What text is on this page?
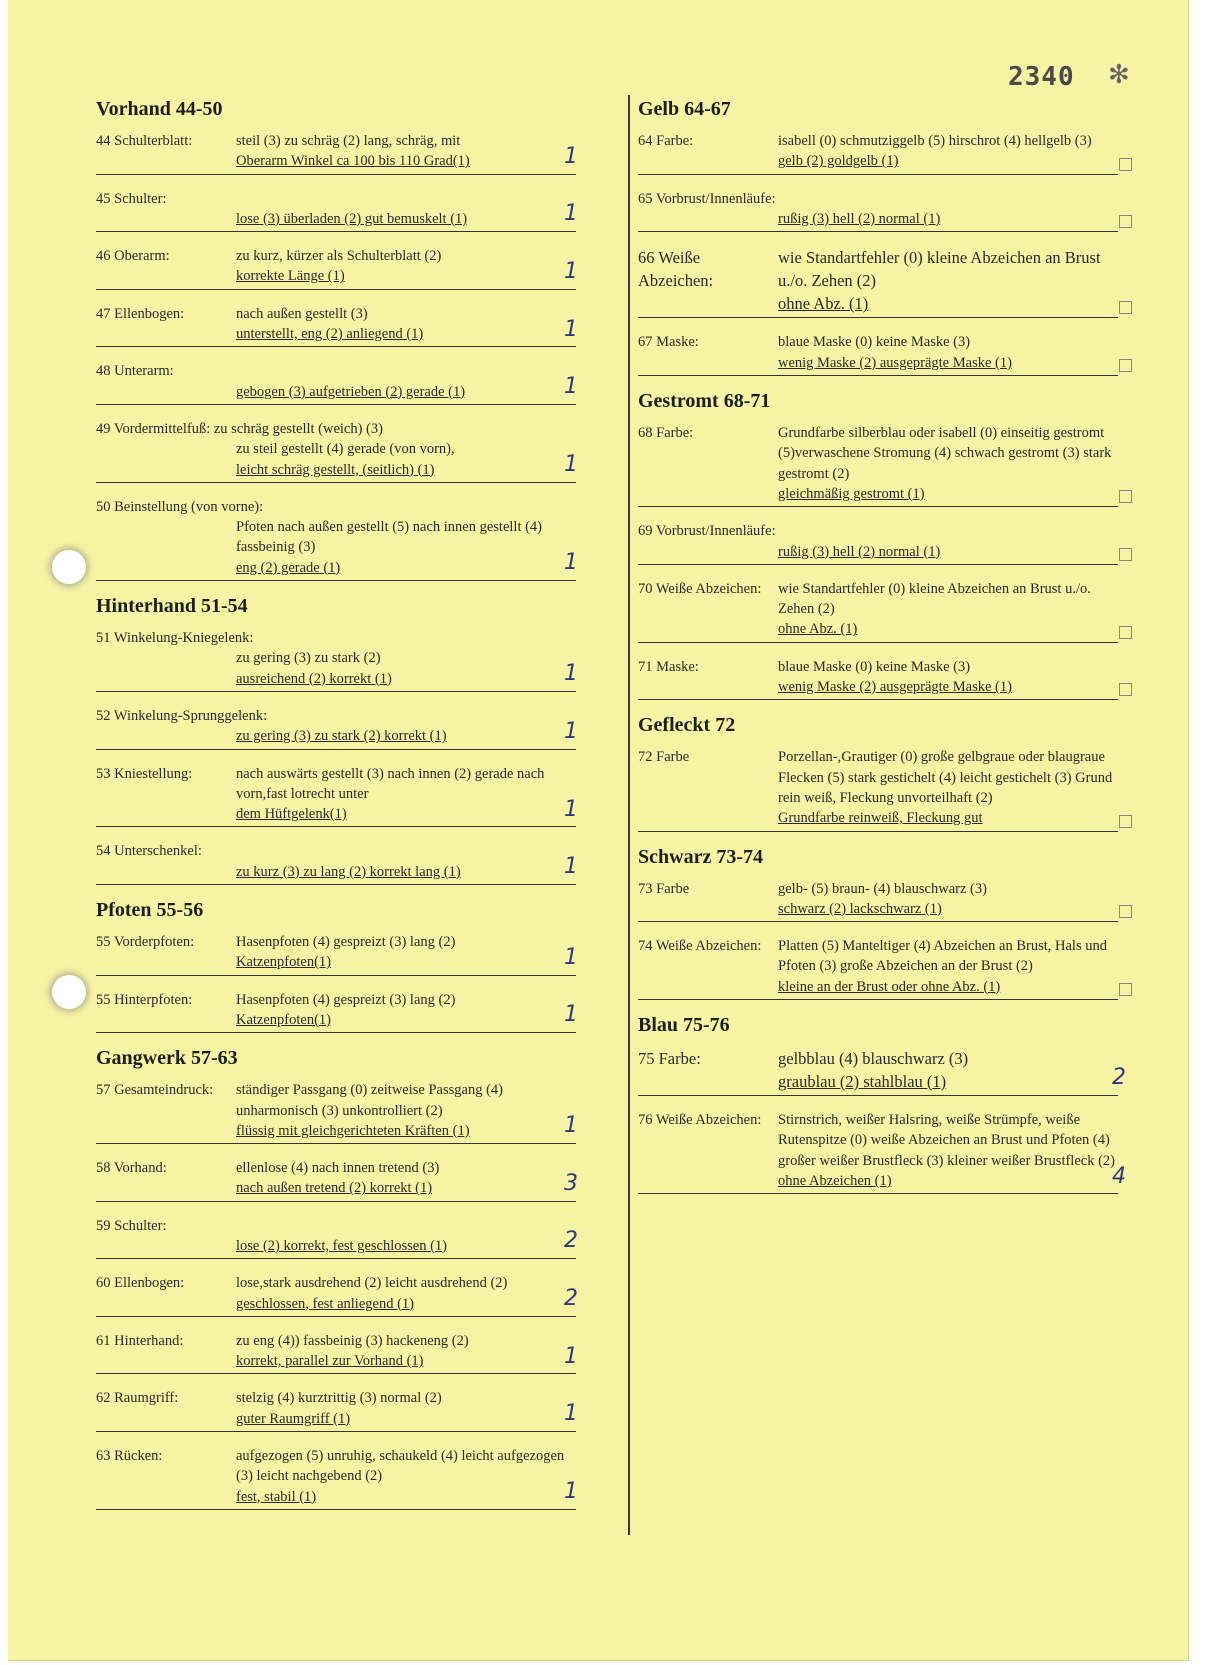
2340 ✻
Vorhand 44-50
44 Schulterblatt:	steil (3) zu schräg (2) lang, schräg, mit
Oberarm Winkel ca 100 bis 110 Grad(1)	1
45 Schulter:
lose (3) überladen (2) gut bemuskelt (1)	1
46 Oberarm:	zu kurz, kürzer als Schulterblatt (2)
korrekte Länge (1)	1
47 Ellenbogen:	nach außen gestellt (3)
unterstellt, eng (2) anliegend (1)	1
48 Unterarm:
gebogen (3) aufgetrieben (2) gerade (1)	1
49 Vordermittelfuß: zu schräg gestellt (weich) (3)
zu steil gestellt (4) gerade (von vorn),
leicht schräg gestellt, (seitlich) (1)	1
50 Beinstellung (von vorne):
Pfoten nach außen gestellt (5) nach innen gestellt (4) fassbeinig (3)
eng (2) gerade (1)	1
Hinterhand 51-54
51 Winkelung-Kniegelenk:
zu gering (3) zu stark (2)
ausreichend (2) korrekt (1)	1
52 Winkelung-Sprunggelenk:
zu gering (3) zu stark (2) korrekt (1)	1
53 Kniestellung:	nach auswärts gestellt (3) nach innen (2) gerade nach vorn,fast lotrecht unter
dem Hüftgelenk(1)	1
54 Unterschenkel:
zu kurz (3) zu lang (2) korrekt lang (1)	1
Pfoten 55-56
55 Vorderpfoten:	Hasenpfoten (4) gespreizt (3) lang (2)
Katzenpfoten(1)	1
55 Hinterpfoten:	Hasenpfoten (4) gespreizt (3) lang (2)
Katzenpfoten(1)	1
Gangwerk 57-63
57 Gesamteindruck: ständiger Passgang (0) zeitweise Passgang (4) unharmonisch (3) unkontrolliert (2)
flüssig mit gleichgerichteten Kräften (1)	1
58 Vorhand:	ellenlose (4) nach innen tretend (3)
nach außen tretend (2) korrekt (1)	3
59 Schulter:
lose (2) korrekt, fest geschlossen (1)	2
60 Ellenbogen:	lose,stark ausdrehend (2) leicht ausdrehend (2)
geschlossen, fest anliegend (1)	2
61 Hinterhand:	zu eng (4)) fassbeinig (3) hackeneng (2)
korrekt, parallel zur Vorhand (1)	1
62 Raumgriff:	stelzig (4) kurztrittig (3) normal (2)
guter Raumgriff (1)	1
63 Rücken:	aufgezogen (5) unruhig, schaukeld (4) leicht aufgezogen (3) leicht nachgebend (2)
fest, stabil (1)	1
Gelb 64-67
64 Farbe:	isabell (0) schmutziggelb (5) hirschrot (4) hellgelb (3)
gelb (2) goldgelb (1)
65 Vorbrust/Innenläufe:
rußig (3) hell (2) normal (1)
66 Weiße Abzeichen:wie Standartfehler (0) kleine Abzeichen an Brust u./o. Zehen (2)
ohne Abz. (1)
67 Maske:	blaue Maske (0) keine Maske (3)
wenig Maske (2) ausgeprägte Maske (1)
Gestromt 68-71
68 Farbe:	Grundfarbe silberblau oder isabell (0) einseitig gestromt (5)verwaschene Stromung (4) schwach gestromt (3) stark gestromt (2)
gleichmäßig gestromt (1)
69 Vorbrust/Innenläufe:
rußig (3) hell (2) normal (1)
70 Weiße Abzeichen: wie Standartfehler (0) kleine Abzeichen an Brust u./o. Zehen (2)
ohne Abz. (1)
71 Maske:	blaue Maske (0) keine Maske (3)
wenig Maske (2) ausgeprägte Maske (1)
Gefleckt 72
72 Farbe	Porzellan-,Grautiger (0) große gelbgraue oder blaugraue Flecken (5) stark gestichelt (4) leicht gestichelt (3) Grund rein weiß, Fleckung unvorteilhaft (2)
Grundfarbe reinweiß, Fleckung gut
Schwarz 73-74
73 Farbe	gelb- (5) braun- (4) blauschwarz (3)
schwarz (2) lackschwarz (1)
74 Weiße Abzeichen: Platten (5) Manteltiger (4) Abzeichen an Brust, Hals und Pfoten (3) große Abzeichen an der Brust (2)
kleine an der Brust oder ohne Abz. (1)
Blau 75-76
75 Farbe:	gelbblau (4) blauschwarz (3)
graublau (2) stahlblau (1)	2
76 Weiße Abzeichen: Stirnstrich, weißer Halsring, weiße Strümpfe, weiße Rutenspitze (0) weiße Abzeichen an Brust und Pfoten (4) großer weißer Brustfleck (3) kleiner weißer Brustfleck (2)
ohne Abzeichen (1)	4
